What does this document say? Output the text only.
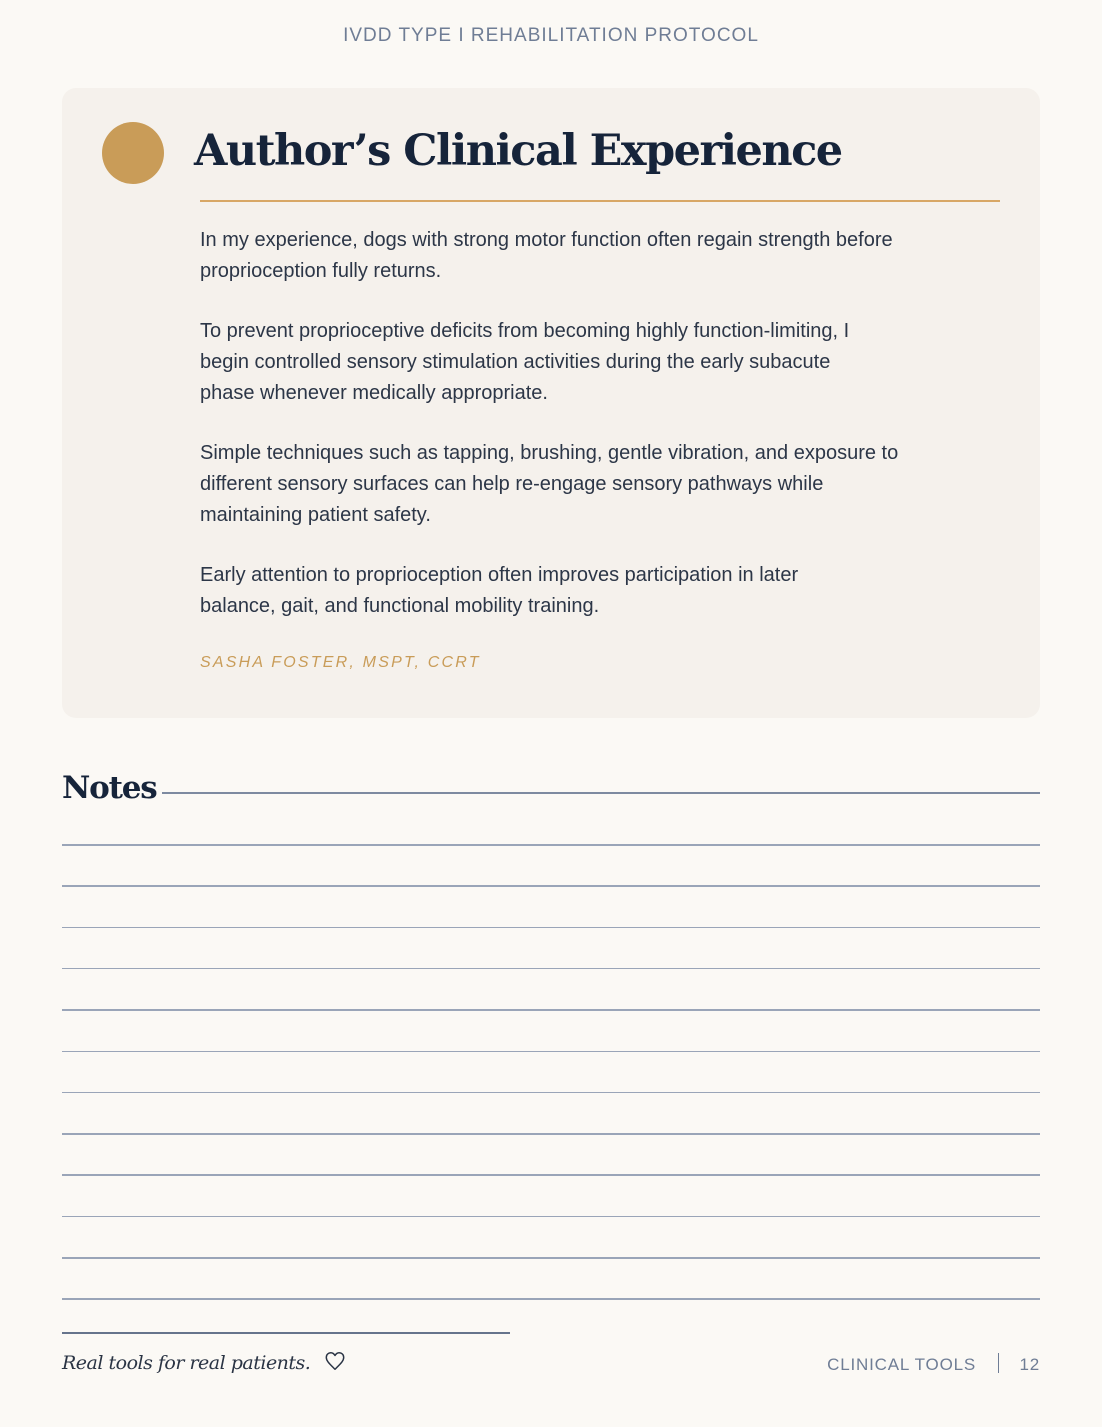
IVDD TYPE I REHABILITATION PROTOCOL
Author’s Clinical Experience

In my experience, dogs with strong motor function often regain strength before proprioception fully returns.

To prevent proprioceptive deficits from becoming highly function-limiting, I begin controlled sensory stimulation activities during the early subacute phase whenever medically appropriate.

Simple techniques such as tapping, brushing, gentle vibration, and exposure to different sensory surfaces can help re-engage sensory pathways while maintaining patient safety.

Early attention to proprioception often improves participation in later balance, gait, and functional mobility training.

SASHA FOSTER, MSPT, CCRT
Notes
Real tools for real patients.	CLINICAL TOOLS	12
